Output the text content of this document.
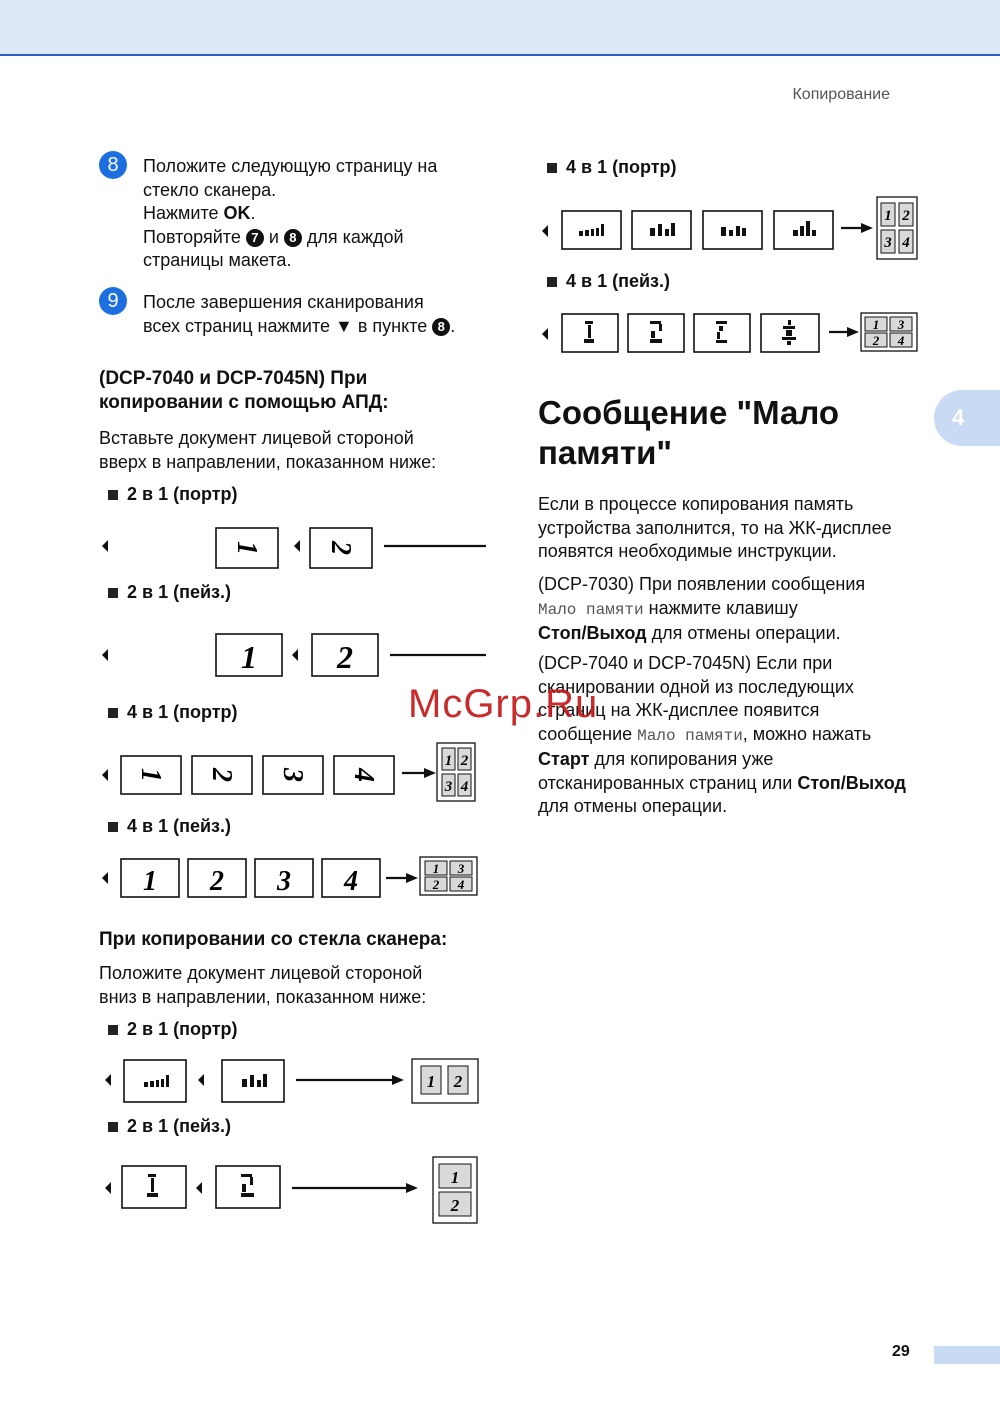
Копирование
4
29
8	Положите следующую страницу на
стекло сканера.
Нажмите OK.
Повторяйте 7 и 8 для каждой
страницы макета.
9	После завершения сканирования
всех страниц нажмите ▼ в пункте 8 .
(DCP-7040 и DCP-7045N) При
копировании с помощью АПД:
Вставьте документ лицевой стороной
вверх в направлении, показанном ниже:
2 в 1 (портр)
1 2
2 в 1 (пейз.)
1	2
4 в 1 (портр)
1 2 3 4
1 2
3 4
4 в 1 (пейз.)
1 2 3 4	1 3
2 4
При копировании со стекла сканера:
Положите документ лицевой стороной
вниз в направлении, показанном ниже:
2 в 1 (портр)
1 2
2 в 1 (пейз.)
1
2
4 в 1 (портр)
1 2
3 4
4 в 1 (пейз.)
1 3
2 4
Сообщение "Мало
памяти"
Если в процессе копирования память
устройства заполнится, то на ЖК-дисплее
появятся необходимые инструкции.
(DCP-7030) При появлении сообщения
Мало памяти нажмите клавишу
Стоп/Выход для отмены операции.
(DCP-7040 и DCP-7045N) Если при
сканировании одной из последующих
страниц на ЖК-дисплее появится
сообщение Мало памяти, можно нажать
Старт для копирования уже
отсканированных страниц или Стоп/Выход
для отмены операции.
McGrp.Ru
